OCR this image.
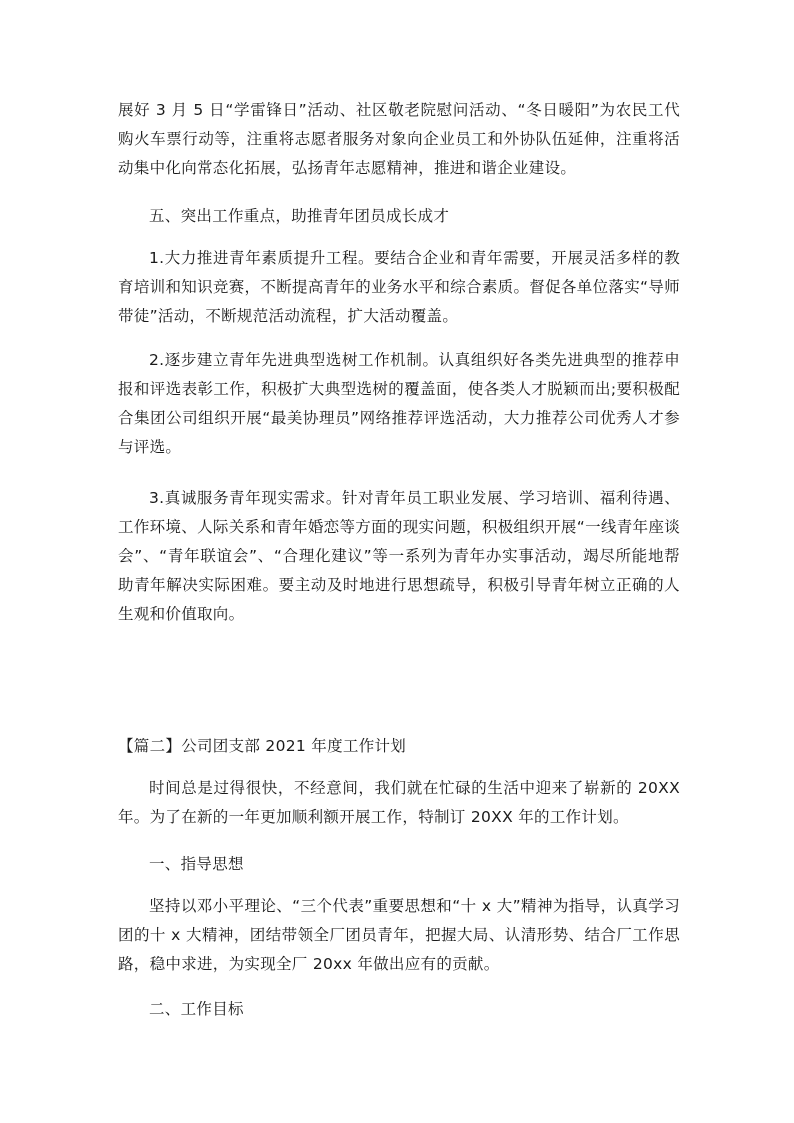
展好 3 月 5 日“学雷锋日”活动、社区敬老院慰问活动、“冬日暖阳”为农民工代购火车票行动等，注重将志愿者服务对象向企业员工和外协队伍延伸，注重将活动集中化向常态化拓展，弘扬青年志愿精神，推进和谐企业建设。

五、突出工作重点，助推青年团员成长成才

1.大力推进青年素质提升工程。要结合企业和青年需要，开展灵活多样的教育培训和知识竞赛，不断提高青年的业务水平和综合素质。督促各单位落实“导师带徒”活动，不断规范活动流程，扩大活动覆盖。

2.逐步建立青年先进典型选树工作机制。认真组织好各类先进典型的推荐申报和评选表彰工作，积极扩大典型选树的覆盖面，使各类人才脱颖而出;要积极配合集团公司组织开展“最美协理员”网络推荐评选活动，大力推荐公司优秀人才参与评选。

3.真诚服务青年现实需求。针对青年员工职业发展、学习培训、福利待遇、工作环境、人际关系和青年婚恋等方面的现实问题，积极组织开展“一线青年座谈会”、“青年联谊会”、“合理化建议”等一系列为青年办实事活动，竭尽所能地帮助青年解决实际困难。要主动及时地进行思想疏导，积极引导青年树立正确的人生观和价值取向。

【篇二】公司团支部 2021 年度工作计划

时间总是过得很快，不经意间，我们就在忙碌的生活中迎来了崭新的 20XX 年。为了在新的一年更加顺利额开展工作，特制订 20XX 年的工作计划。

一、指导思想

坚持以邓小平理论、“三个代表”重要思想和“十 x 大”精神为指导，认真学习团的十 x 大精神，团结带领全厂团员青年，把握大局、认清形势、结合厂工作思路，稳中求进，为实现全厂 20xx 年做出应有的贡献。

二、工作目标
